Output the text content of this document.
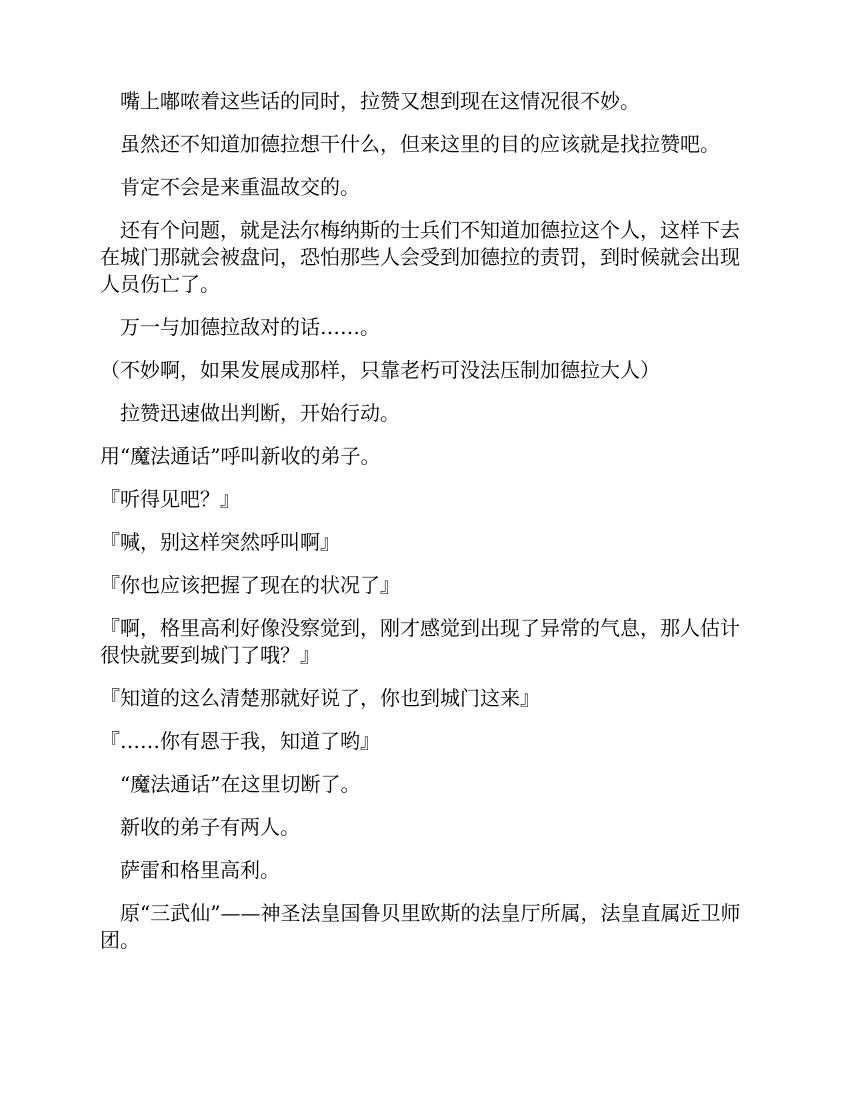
嘴上嘟哝着这些话的同时，拉赞又想到现在这情况很不妙。

虽然还不知道加德拉想干什么，但来这里的目的应该就是找拉赞吧。

肯定不会是来重温故交的。

还有个问题，就是法尔梅纳斯的士兵们不知道加德拉这个人，这样下去在城门那就会被盘问，恐怕那些人会受到加德拉的责罚，到时候就会出现人员伤亡了。

万一与加德拉敌对的话……。

（不妙啊，如果发展成那样，只靠老朽可没法压制加德拉大人）

拉赞迅速做出判断，开始行动。

用“魔法通话”呼叫新收的弟子。

『听得见吧？』

『喊，别这样突然呼叫啊』

『你也应该把握了现在的状况了』

『啊，格里高利好像没察觉到，刚才感觉到出现了异常的气息，那人估计很快就要到城门了哦？』

『知道的这么清楚那就好说了，你也到城门这来』

『……你有恩于我，知道了哟』

“魔法通话”在这里切断了。

新收的弟子有两人。

萨雷和格里高利。

原“三武仙”——神圣法皇国鲁贝里欧斯的法皇厅所属，法皇直属近卫师团。
